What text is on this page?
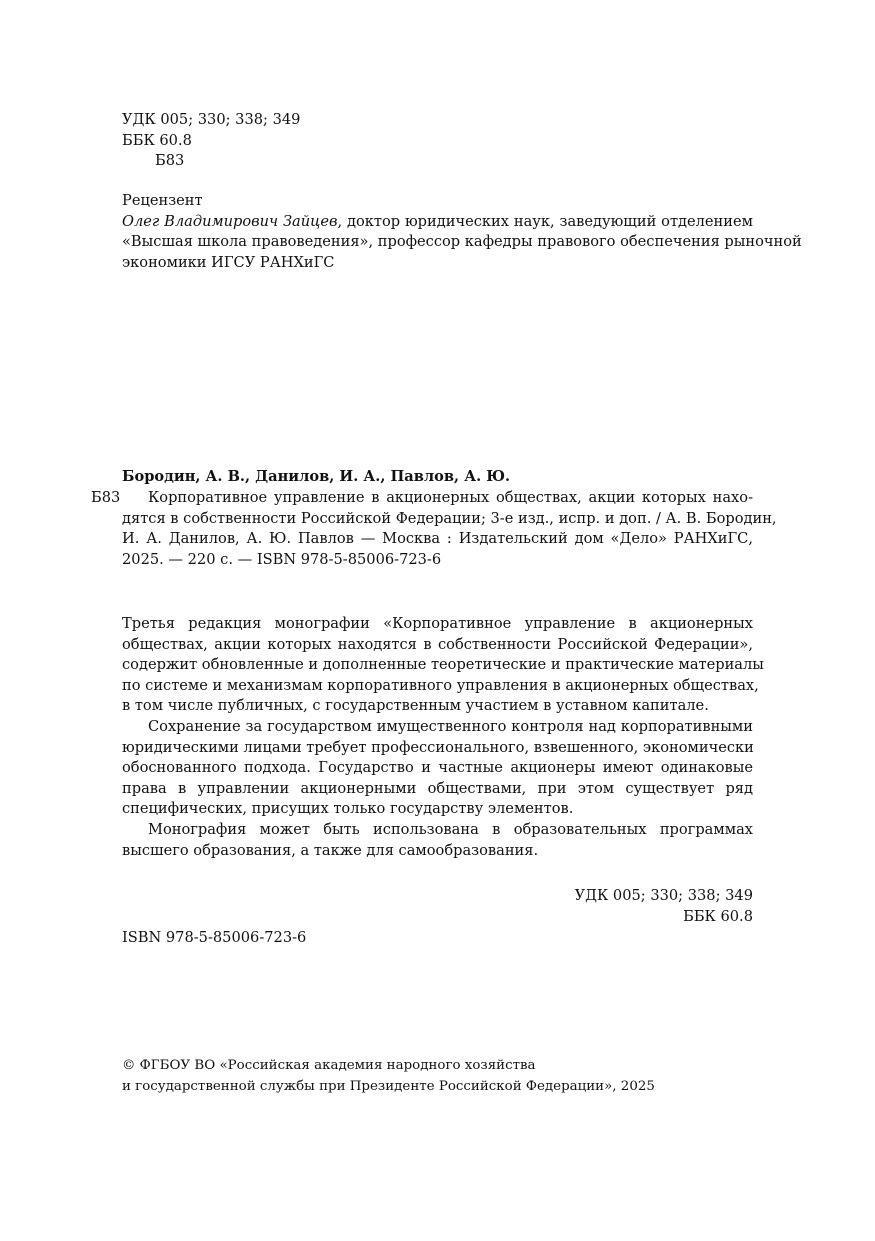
УДК 005; 330; 338; 349
ББК 60.8
Б83
Рецензент
Олег Владимирович Зайцев, доктор юридических наук, заведующий отделением
«Высшая школа правоведения», профессор кафедры правового обеспечения рыночной
экономики ИГСУ РАНХиГС
Бородин, А. В., Данилов, И. А., Павлов, А. Ю.
Б83 Корпоративное управление в акционерных обществах, акции которых нахо-
дятся в собственности Российской Федерации; 3-е изд., испр. и доп. / А. В. Бородин,
И. А. Данилов, А. Ю. Павлов — Москва : Издательский дом «Дело» РАНХиГС,
2025. — 220 с. — ISBN 978-5-85006-723-6
Третья редакция монографии «Корпоративное управление в акционерных
обществах, акции которых находятся в собственности Российской Федерации»,
содержит обновленные и дополненные теоретические и практические материалы
по системе и механизмам корпоративного управления в акционерных обществах,
в том числе публичных, с государственным участием в уставном капитале.
Сохранение за государством имущественного контроля над корпоративными
юридическими лицами требует профессионального, взвешенного, экономически
обоснованного подхода. Государство и частные акционеры имеют одинаковые
права в управлении акционерными обществами, при этом существует ряд
специфических, присущих только государству элементов.
Монография может быть использована в образовательных программах
высшего образования, а также для самообразования.
УДК 005; 330; 338; 349
ББК 60.8
ISBN 978-5-85006-723-6
© ФГБОУ ВО «Российская академия народного хозяйства
и государственной службы при Президенте Российской Федерации», 2025
